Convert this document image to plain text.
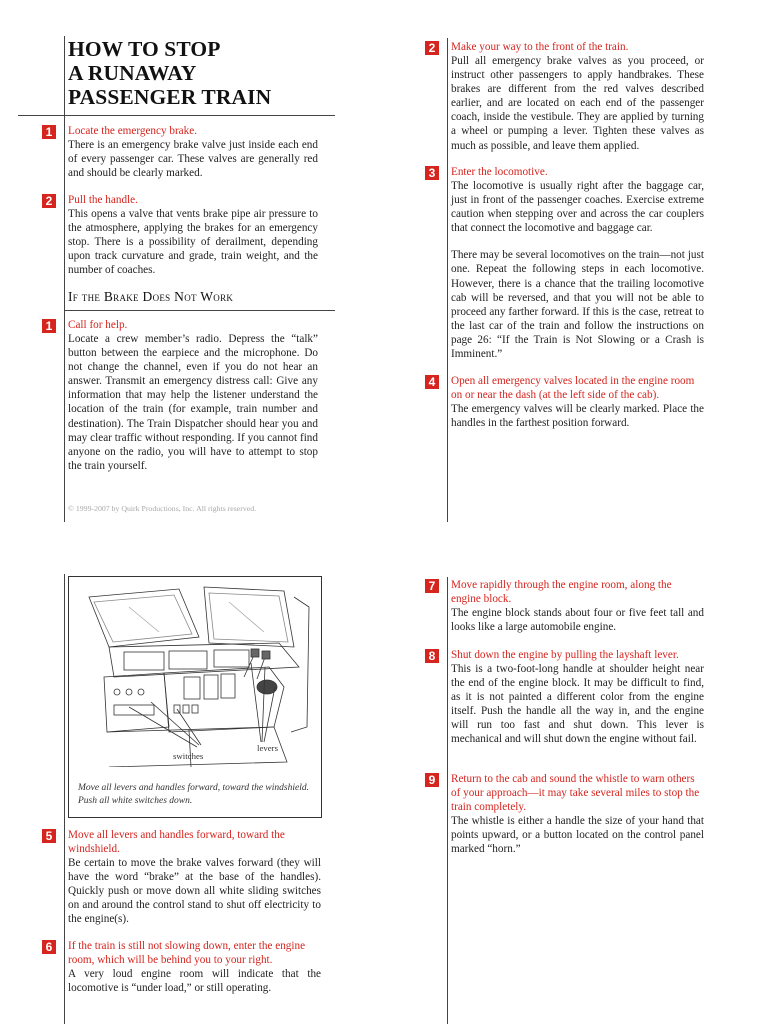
HOW TO STOP
A RUNAWAY
PASSENGER TRAIN
1	Locate the emergency brake.
There is an emergency brake valve just inside each end of every passenger car. These valves are generally red and should be clearly marked.
2	Pull the handle.
This opens a valve that vents brake pipe air pressure to the atmosphere, applying the brakes for an emergency stop. There is a possibility of derailment, depending upon track curvature and grade, train weight, and the number of coaches.
If the Brake Does Not Work
1	Call for help.
Locate a crew member’s radio. Depress the “talk” button between the earpiece and the microphone. Do not change the channel, even if you do not hear an answer. Transmit an emergency distress call: Give any information that may help the listener understand the location of the train (for example, train number and destination). The Train Dispatcher should hear you and may clear traffic without responding. If you cannot find anyone on the radio, you will have to attempt to stop the train yourself.
© 1999-2007 by Quirk Productions, Inc. All rights reserved.
2	Make your way to the front of the train.
Pull all emergency brake valves as you proceed, or instruct other passengers to apply handbrakes. These brakes are different from the red valves described earlier, and are located on each end of the passenger coach, inside the vestibule. They are applied by turning a wheel or pumping a lever. Tighten these valves as much as possible, and leave them applied.
3	Enter the locomotive.
The locomotive is usually right after the baggage car, just in front of the passenger coaches. Exercise extreme caution when stepping over and across the car couplers that connect the locomotive and baggage car.
There may be several locomotives on the train—not just one. Repeat the following steps in each locomotive. However, there is a chance that the trailing locomotive cab will be reversed, and that you will not be able to proceed any farther forward. If this is the case, retreat to the last car of the train and follow the instructions on page 26: “If the Train is Not Slowing or a Crash is Imminent.”
4	Open all emergency valves located in the engine room on or near the dash (at the left side of the cab).
The emergency valves will be clearly marked. Place the handles in the farthest position forward.
switches
levers
Move all levers and handles forward, toward the windshield. Push all white switches down.
5	Move all levers and handles forward, toward the windshield.
Be certain to move the brake valves forward (they will have the word “brake” at the base of the handles). Quickly push or move down all white sliding switches on and around the control stand to shut off electricity to the engine(s).
6	If the train is still not slowing down, enter the engine room, which will be behind you to your right.
A very loud engine room will indicate that the locomotive is “under load,” or still operating.
7	Move rapidly through the engine room, along the engine block.
The engine block stands about four or five feet tall and looks like a large automobile engine.
8	Shut down the engine by pulling the layshaft lever.
This is a two-foot-long handle at shoulder height near the end of the engine block. It may be difficult to find, as it is not painted a different color from the engine itself. Push the handle all the way in, and the engine will run too fast and shut down. This lever is mechanical and will shut down the engine without fail.
9	Return to the cab and sound the whistle to warn others of your approach—it may take several miles to stop the train completely.
The whistle is either a handle the size of your hand that points upward, or a button located on the control panel marked “horn.”
